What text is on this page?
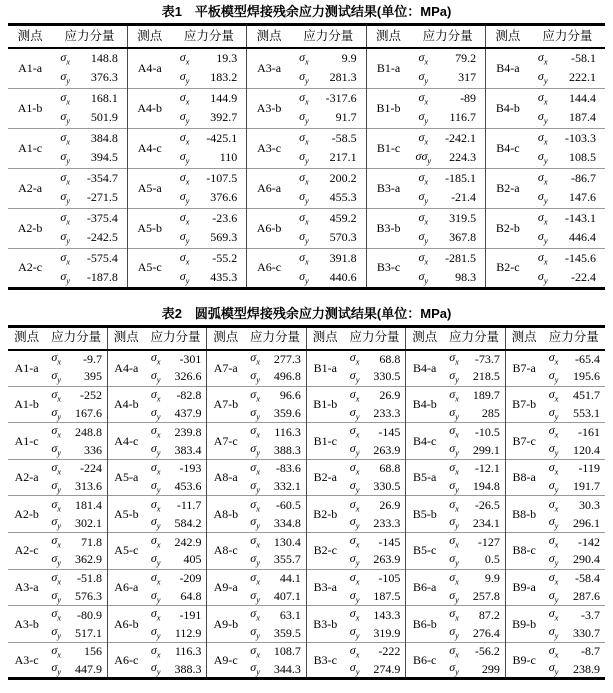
表1 平板模型焊接残余应力测试结果(单位：MPa)
测点	应力分量		测点	应力分量		测点	应力分量		测点	应力分量		测点	应力分量	
A1-a	$\sigma_x$	148.8	A4-a	$\sigma_x$	19.3	A3-a	$\sigma_x$	9.9	B1-a	$\sigma_x$	79.2	B4-a	$\sigma_x$	-58.1
	$\sigma_y$	376.3		$\sigma_y$	183.2		$\sigma_y$	281.3		$\sigma_y$	317		$\sigma_y$	222.1
A1-b	$\sigma_x$	168.1	A4-b	$\sigma_x$	144.9	A3-b	$\sigma_x$	-317.6	B1-b	$\sigma_x$	-89	B4-b	$\sigma_x$	144.4
	$\sigma_y$	501.9		$\sigma_y$	392.7		$\sigma_y$	91.7		$\sigma_y$	116.7		$\sigma_y$	187.4
A1-c	$\sigma_x$	384.8	A4-c	$\sigma_x$	-425.1	A3-c	$\sigma_x$	-58.5	B1-c	$\sigma_x$	-242.1	B4-c	$\sigma_x$	-103.3
	$\sigma_y$	394.5		$\sigma_y$	110		$\sigma_y$	217.1		$\sigma\sigma_y$	224.3		$\sigma_y$	108.5
A2-a	$\sigma_x$	-354.7	A5-a	$\sigma_x$	-107.5	A6-a	$\sigma_x$	200.2	B3-a	$\sigma_x$	-185.1	B2-a	$\sigma_x$	-86.7
	$\sigma_y$	-271.5		$\sigma_y$	376.6		$\sigma_y$	455.3		$\sigma_y$	-21.4		$\sigma_y$	147.6
A2-b	$\sigma_x$	-375.4	A5-b	$\sigma_x$	-23.6	A6-b	$\sigma_x$	459.2	B3-b	$\sigma_x$	319.5	B2-b	$\sigma_x$	-143.1
	$\sigma_y$	-242.5		$\sigma_y$	569.3		$\sigma_y$	570.3		$\sigma_y$	367.8		$\sigma_y$	446.4
A2-c	$\sigma_x$	-575.4	A5-c	$\sigma_x$	-55.2	A6-c	$\sigma_x$	391.8	B3-c	$\sigma_x$	-281.5	B2-c	$\sigma_x$	-145.6
	$\sigma_y$	-187.8		$\sigma_y$	435.3		$\sigma_y$	440.6		$\sigma_y$	98.3		$\sigma_y$	-22.4
表2 圆弧模型焊接残余应力测试结果(单位：MPa)
测点	应力分量		测点	应力分量		测点	应力分量		测点	应力分量		测点	应力分量		测点	应力分量	
A1-a	$\sigma_x$	-9.7	A4-a	$\sigma_x$	-301	A7-a	$\sigma_x$	277.3	B1-a	$\sigma_x$	68.8	B4-a	$\sigma_x$	-73.7	B7-a	$\sigma_x$	-65.4
	$\sigma_y$	395		$\sigma_y$	326.6		$\sigma_y$	496.8		$\sigma_y$	330.5		$\sigma_y$	218.5		$\sigma_y$	195.6
A1-b	$\sigma_x$	-252	A4-b	$\sigma_x$	-82.8	A7-b	$\sigma_x$	96.6	B1-b	$\sigma_x$	26.9	B4-b	$\sigma_x$	189.7	B7-b	$\sigma_x$	451.7
	$\sigma_y$	167.6		$\sigma_y$	437.9		$\sigma_y$	359.6		$\sigma_y$	233.3		$\sigma_y$	285		$\sigma_y$	553.1
A1-c	$\sigma_x$	248.8	A4-c	$\sigma_x$	239.8	A7-c	$\sigma_x$	116.3	B1-c	$\sigma_x$	-145	B4-c	$\sigma_x$	-10.5	B7-c	$\sigma_x$	-161
	$\sigma_y$	336		$\sigma_y$	383.4		$\sigma_y$	388.3		$\sigma_y$	263.9		$\sigma_y$	299.1		$\sigma_y$	120.4
A2-a	$\sigma_x$	-224	A5-a	$\sigma_x$	-193	A8-a	$\sigma_x$	-83.6	B2-a	$\sigma_x$	68.8	B5-a	$\sigma_x$	-12.1	B8-a	$\sigma_x$	-119
	$\sigma_y$	313.6		$\sigma_y$	453.6		$\sigma_y$	332.1		$\sigma_y$	330.5		$\sigma_y$	194.8		$\sigma_y$	191.7
A2-b	$\sigma_x$	181.4	A5-b	$\sigma_x$	-11.7	A8-b	$\sigma_x$	-60.5	B2-b	$\sigma_x$	26.9	B5-b	$\sigma_x$	-26.5	B8-b	$\sigma_x$	30.3
	$\sigma_y$	302.1		$\sigma_y$	584.2		$\sigma_y$	334.8		$\sigma_y$	233.3		$\sigma_y$	234.1		$\sigma_y$	296.1
A2-c	$\sigma_x$	71.8	A5-c	$\sigma_x$	242.9	A8-c	$\sigma_x$	130.4	B2-c	$\sigma_x$	-145	B5-c	$\sigma_x$	-127	B8-c	$\sigma_x$	-142
	$\sigma_y$	362.9		$\sigma_y$	405		$\sigma_y$	355.7		$\sigma_y$	263.9		$\sigma_y$	0.5		$\sigma_y$	290.4
A3-a	$\sigma_x$	-51.8	A6-a	$\sigma_x$	-209	A9-a	$\sigma_x$	44.1	B3-a	$\sigma_x$	-105	B6-a	$\sigma_x$	9.9	B9-a	$\sigma_x$	-58.4
	$\sigma_y$	576.3		$\sigma_y$	64.8		$\sigma_y$	407.1		$\sigma_y$	187.5		$\sigma_y$	257.8		$\sigma_y$	287.6
A3-b	$\sigma_x$	-80.9	A6-b	$\sigma_x$	-191	A9-b	$\sigma_x$	63.1	B3-b	$\sigma_x$	143.3	B6-b	$\sigma_x$	87.2	B9-b	$\sigma_x$	-3.7
	$\sigma_y$	517.1		$\sigma_y$	112.9		$\sigma_y$	359.5		$\sigma_y$	319.9		$\sigma_y$	276.4		$\sigma_y$	330.7
A3-c	$\sigma_x$	156	A6-c	$\sigma_x$	116.3	A9-c	$\sigma_x$	108.7	B3-c	$\sigma_x$	-222	B6-c	$\sigma_x$	-56.2	B9-c	$\sigma_x$	-8.7
	$\sigma_y$	447.9		$\sigma_y$	388.3		$\sigma_y$	344.3		$\sigma_y$	274.9		$\sigma_y$	299		$\sigma_y$	238.9
